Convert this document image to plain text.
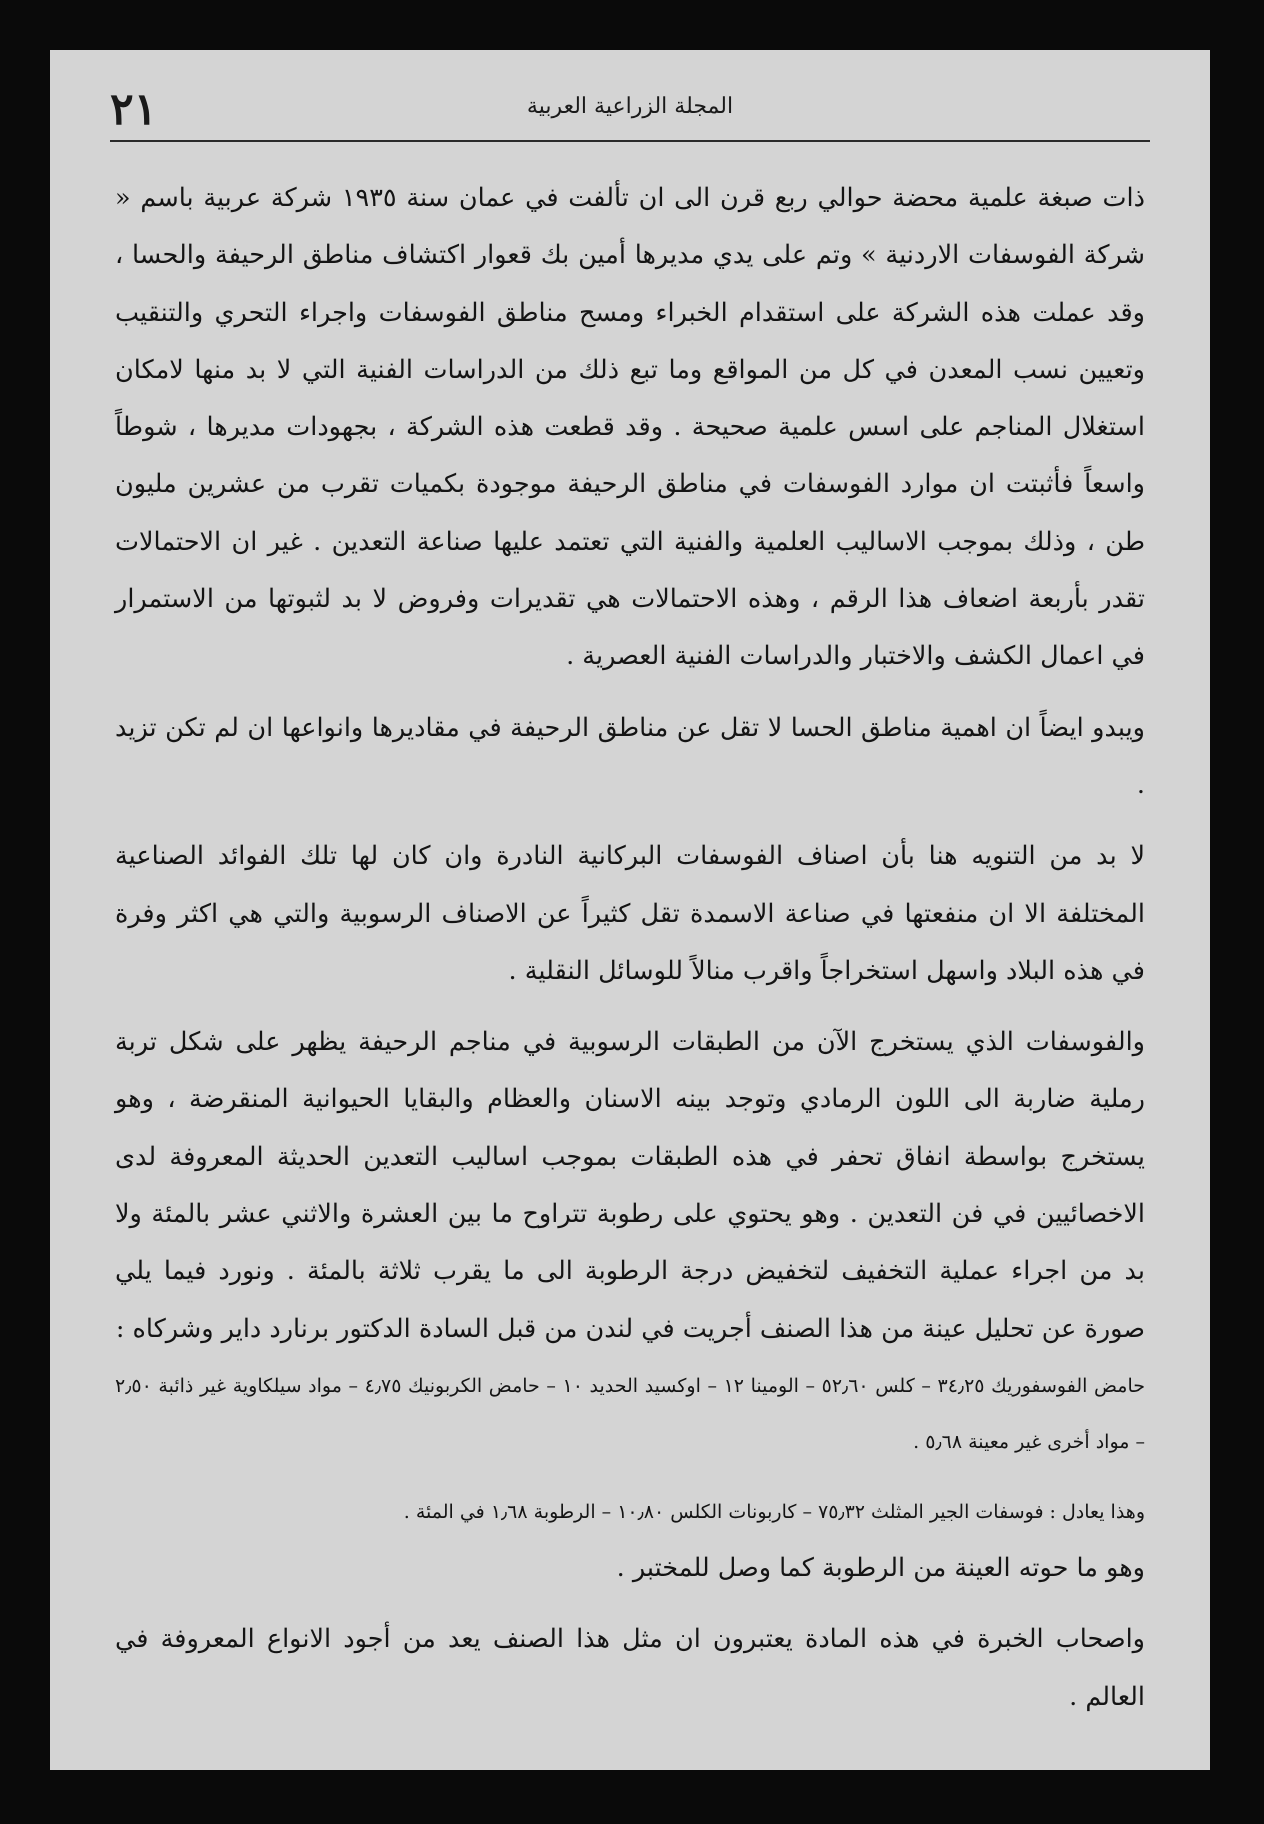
٢١	المجلة الزراعية العربية

ذات صبغة علمية محضة حوالي ربع قرن الى ان تألفت في عمان سنة ١٩٣٥ شركة عربية باسم « شركة الفوسفات الاردنية » وتم على يدي مديرها أمين بك قعوار اكتشاف مناطق الرحيفة والحسا ، وقد عملت هذه الشركة على استقدام الخبراء ومسح مناطق الفوسفات واجراء التحري والتنقيب وتعيين نسب المعدن في كل من المواقع وما تبع ذلك من الدراسات الفنية التي لا بد منها لامكان استغلال المناجم على اسس علمية صحيحة . وقد قطعت هذه الشركة ، بجهودات مديرها ، شوطاً واسعاً فأثبتت ان موارد الفوسفات في مناطق الرحيفة موجودة بكميات تقرب من عشرين مليون طن ، وذلك بموجب الاساليب العلمية والفنية التي تعتمد عليها صناعة التعدين . غير ان الاحتمالات تقدر بأربعة اضعاف هذا الرقم ، وهذه الاحتمالات هي تقديرات وفروض لا بد لثبوتها من الاستمرار في اعمال الكشف والاختبار والدراسات الفنية العصرية .

ويبدو ايضاً ان اهمية مناطق الحسا لا تقل عن مناطق الرحيفة في مقاديرها وانواعها ان لم تكن تزيد .

لا بد من التنويه هنا بأن اصناف الفوسفات البركانية النادرة وان كان لها تلك الفوائد الصناعية المختلفة الا ان منفعتها في صناعة الاسمدة تقل كثيراً عن الاصناف الرسوبية والتي هي اكثر وفرة في هذه البلاد واسهل استخراجاً واقرب منالاً للوسائل النقلية .

والفوسفات الذي يستخرج الآن من الطبقات الرسوبية في مناجم الرحيفة يظهر على شكل تربة رملية ضاربة الى اللون الرمادي وتوجد بينه الاسنان والعظام والبقايا الحيوانية المنقرضة ، وهو يستخرج بواسطة انفاق تحفر في هذه الطبقات بموجب اساليب التعدين الحديثة المعروفة لدى الاخصائيين في فن التعدين . وهو يحتوي على رطوبة تتراوح ما بين العشرة والاثني عشر بالمئة ولا بد من اجراء عملية التخفيف لتخفيض درجة الرطوبة الى ما يقرب ثلاثة بالمئة . ونورد فيما يلي صورة عن تحليل عينة من هذا الصنف أجريت في لندن من قبل السادة الدكتور برنارد داير وشركاه :

حامض الفوسفوريك ٣٤٫٢٥ – كلس ٥٢٫٦٠ – الومينا ١٢ – اوكسيد الحديد ١٠ – حامض الكربونيك ٤٫٧٥ – مواد سيلكاوية غير ذائبة ٢٫٥٠ – مواد أخرى غير معينة ٥٫٦٨ .

وهذا يعادل : فوسفات الجير المثلث ٧٥٫٣٢ – كاربونات الكلس ١٠٫٨٠ – الرطوبة ١٫٦٨ في المئة .

وهو ما حوته العينة من الرطوبة كما وصل للمختبر .

واصحاب الخبرة في هذه المادة يعتبرون ان مثل هذا الصنف يعد من أجود الانواع المعروفة في العالم .
